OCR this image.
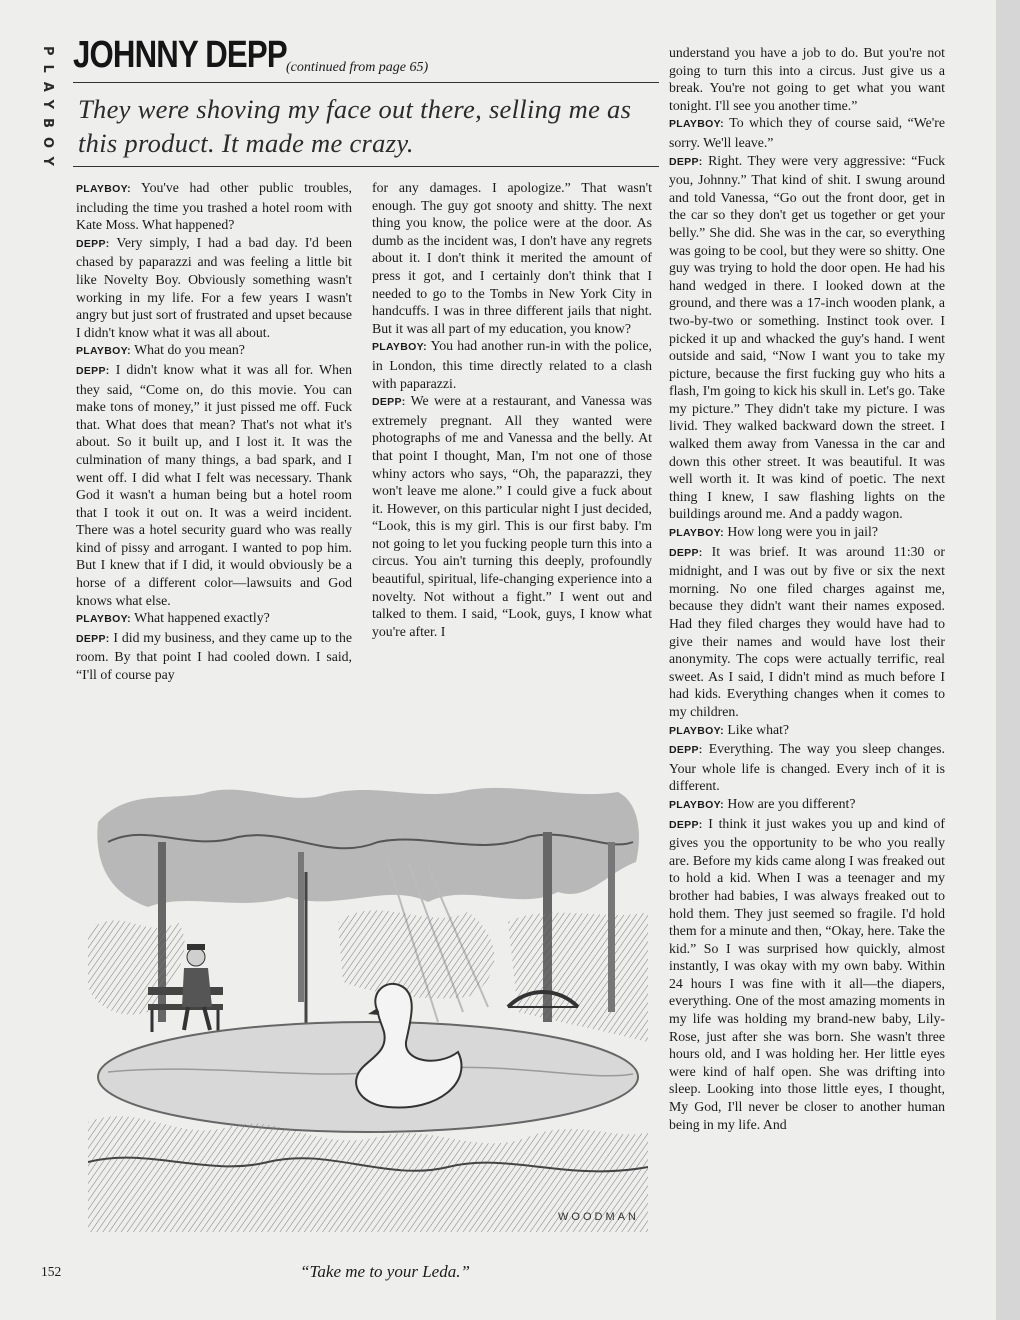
PLAYBOY JOHNNY DEPP (continued from page 65)
They were shoving my face out there, selling me as this product. It made me crazy.

PLAYBOY: You've had other public troubles, including the time you trashed a hotel room with Kate Moss. What happened?

DEPP: Very simply, I had a bad day. I'd been chased by paparazzi and was feeling a little bit like Novelty Boy. Obviously something wasn't working in my life. For a few years I wasn't angry but just sort of frustrated and upset because I didn't know what it was all about.

PLAYBOY: What do you mean?

DEPP: I didn't know what it was all for. When they said, “Come on, do this movie. You can make tons of money,” it just pissed me off. Fuck that. What does that mean? That's not what it's about. So it built up, and I lost it. It was the culmination of many things, a bad spark, and I went off. I did what I felt was necessary. Thank God it wasn't a human being but a hotel room that I took it out on. It was a weird incident. There was a hotel security guard who was really kind of pissy and arrogant. I wanted to pop him. But I knew that if I did, it would obviously be a horse of a different color—lawsuits and God knows what else.

PLAYBOY: What happened exactly?

DEPP: I did my business, and they came up to the room. By that point I had cooled down. I said, “I'll of course pay

for any damages. I apologize.” That wasn't enough. The guy got snooty and shitty. The next thing you know, the police were at the door. As dumb as the incident was, I don't have any regrets about it. I don't think it merited the amount of press it got, and I certainly don't think that I needed to go to the Tombs in New York City in handcuffs. I was in three different jails that night. But it was all part of my education, you know?

PLAYBOY: You had another run-in with the police, in London, this time directly related to a clash with paparazzi.

DEPP: We were at a restaurant, and Vanessa was extremely pregnant. All they wanted were photographs of me and Vanessa and the belly. At that point I thought, Man, I'm not one of those whiny actors who says, “Oh, the paparazzi, they won't leave me alone.” I could give a fuck about it. However, on this particular night I just decided, “Look, this is my girl. This is our first baby. I'm not going to let you fucking people turn this into a circus. You ain't turning this deeply, profoundly beautiful, spiritual, life-changing experience into a novelty. Not without a fight.” I went out and talked to them. I said, “Look, guys, I know what you're after. I

understand you have a job to do. But you're not going to turn this into a circus. Just give us a break. You're not going to get what you want tonight. I'll see you another time.”

PLAYBOY: To which they of course said, “We're sorry. We'll leave.”

DEPP: Right. They were very aggressive: “Fuck you, Johnny.” That kind of shit. I swung around and told Vanessa, “Go out the front door, get in the car so they don't get us together or get your belly.” She did. She was in the car, so everything was going to be cool, but they were so shitty. One guy was trying to hold the door open. He had his hand wedged in there. I looked down at the ground, and there was a 17-inch wooden plank, a two-by-two or something. Instinct took over. I picked it up and whacked the guy's hand. I went outside and said, “Now I want you to take my picture, because the first fucking guy who hits a flash, I'm going to kick his skull in. Let's go. Take my picture.” They didn't take my picture. I was livid. They walked backward down the street. I walked them away from Vanessa in the car and down this other street. It was beautiful. It was well worth it. It was kind of poetic. The next thing I knew, I saw flashing lights on the buildings around me. And a paddy wagon.

PLAYBOY: How long were you in jail?

DEPP: It was brief. It was around 11:30 or midnight, and I was out by five or six the next morning. No one filed charges against me, because they didn't want their names exposed. Had they filed charges they would have had to give their names and would have lost their anonymity. The cops were actually terrific, real sweet. As I said, I didn't mind as much before I had kids. Everything changes when it comes to my children.

PLAYBOY: Like what?

DEPP: Everything. The way you sleep changes. Your whole life is changed. Every inch of it is different.

PLAYBOY: How are you different?

DEPP: I think it just wakes you up and kind of gives you the opportunity to be who you really are. Before my kids came along I was freaked out to hold a kid. When I was a teenager and my brother had babies, I was always freaked out to hold them. They just seemed so fragile. I'd hold them for a minute and then, “Okay, here. Take the kid.” So I was surprised how quickly, almost instantly, I was okay with my own baby. Within 24 hours I was fine with it all—the diapers, everything. One of the most amazing moments in my life was holding my brand-new baby, Lily-Rose, just after she was born. She wasn't three hours old, and I was holding her. Her little eyes were kind of half open. She was drifting into sleep. Looking into those little eyes, I thought, My God, I'll never be closer to another human being in my life. And

WOODMAN
“Take me to your Leda.”
152
